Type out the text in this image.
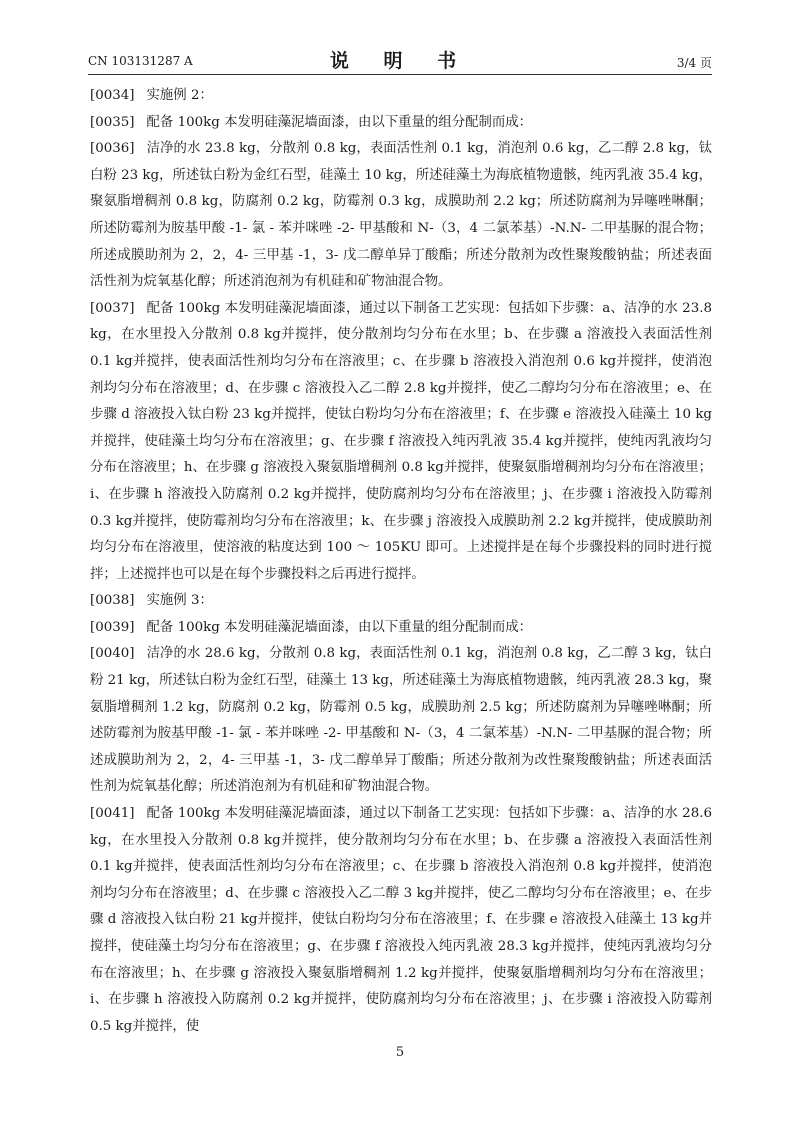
CN 103131287 A	说 明 书	3/4 页

[0034] 实施例 2：

[0035] 配备 100kg 本发明硅藻泥墙面漆，由以下重量的组分配制而成：

[0036] 洁净的水 23.8 kg，分散剂 0.8 kg，表面活性剂 0.1 kg，消泡剂 0.6 kg，乙二醇 2.8 kg，钛白粉 23 kg，所述钛白粉为金红石型，硅藻土 10 kg，所述硅藻土为海底植物遗骸，纯丙乳液 35.4 kg，聚氨脂增稠剂 0.8 kg，防腐剂 0.2 kg，防霉剂 0.3 kg，成膜助剂 2.2 kg；所述防腐剂为异噻唑啉酮；所述防霉剂为胺基甲酸 -1- 氯 - 苯并咪唑 -2- 甲基酸和 N-（3，4 二氯苯基）-N.N- 二甲基脲的混合物；所述成膜助剂为 2，2，4- 三甲基 -1，3- 戊二醇单异丁酸酯；所述分散剂为改性聚羧酸钠盐；所述表面活性剂为烷氧基化醇；所述消泡剂为有机硅和矿物油混合物。

[0037] 配备 100kg 本发明硅藻泥墙面漆，通过以下制备工艺实现：包括如下步骤：a、洁净的水 23.8 kg，在水里投入分散剂 0.8 kg并搅拌，使分散剂均匀分布在水里；b、在步骤 a 溶液投入表面活性剂 0.1 kg并搅拌，使表面活性剂均匀分布在溶液里；c、在步骤 b 溶液投入消泡剂 0.6 kg并搅拌，使消泡剂均匀分布在溶液里；d、在步骤 c 溶液投入乙二醇 2.8 kg并搅拌，使乙二醇均匀分布在溶液里；e、在步骤 d 溶液投入钛白粉 23 kg并搅拌，使钛白粉均匀分布在溶液里；f、在步骤 e 溶液投入硅藻土 10 kg并搅拌，使硅藻土均匀分布在溶液里；g、在步骤 f 溶液投入纯丙乳液 35.4 kg并搅拌，使纯丙乳液均匀分布在溶液里；h、在步骤 g 溶液投入聚氨脂增稠剂 0.8 kg并搅拌，使聚氨脂增稠剂均匀分布在溶液里；i、在步骤 h 溶液投入防腐剂 0.2 kg并搅拌，使防腐剂均匀分布在溶液里；j、在步骤 i 溶液投入防霉剂 0.3 kg并搅拌，使防霉剂均匀分布在溶液里；k、在步骤 j 溶液投入成膜助剂 2.2 kg并搅拌，使成膜助剂均匀分布在溶液里，使溶液的粘度达到 100 ～ 105KU 即可。上述搅拌是在每个步骤投料的同时进行搅拌；上述搅拌也可以是在每个步骤投料之后再进行搅拌。

[0038] 实施例 3：

[0039] 配备 100kg 本发明硅藻泥墙面漆，由以下重量的组分配制而成：

[0040] 洁净的水 28.6 kg，分散剂 0.8 kg，表面活性剂 0.1 kg，消泡剂 0.8 kg，乙二醇 3 kg，钛白粉 21 kg，所述钛白粉为金红石型，硅藻土 13 kg，所述硅藻土为海底植物遗骸，纯丙乳液 28.3 kg，聚氨脂增稠剂 1.2 kg，防腐剂 0.2 kg，防霉剂 0.5 kg，成膜助剂 2.5 kg；所述防腐剂为异噻唑啉酮；所述防霉剂为胺基甲酸 -1- 氯 - 苯并咪唑 -2- 甲基酸和 N-（3，4 二氯苯基）-N.N- 二甲基脲的混合物；所述成膜助剂为 2，2，4- 三甲基 -1，3- 戊二醇单异丁酸酯；所述分散剂为改性聚羧酸钠盐；所述表面活性剂为烷氧基化醇；所述消泡剂为有机硅和矿物油混合物。

[0041] 配备 100kg 本发明硅藻泥墙面漆，通过以下制备工艺实现：包括如下步骤：a、洁净的水 28.6 kg，在水里投入分散剂 0.8 kg并搅拌，使分散剂均匀分布在水里；b、在步骤 a 溶液投入表面活性剂 0.1 kg并搅拌，使表面活性剂均匀分布在溶液里；c、在步骤 b 溶液投入消泡剂 0.8 kg并搅拌，使消泡剂均匀分布在溶液里；d、在步骤 c 溶液投入乙二醇 3 kg并搅拌，使乙二醇均匀分布在溶液里；e、在步骤 d 溶液投入钛白粉 21 kg并搅拌，使钛白粉均匀分布在溶液里；f、在步骤 e 溶液投入硅藻土 13 kg并搅拌，使硅藻土均匀分布在溶液里；g、在步骤 f 溶液投入纯丙乳液 28.3 kg并搅拌，使纯丙乳液均匀分布在溶液里；h、在步骤 g 溶液投入聚氨脂增稠剂 1.2 kg并搅拌，使聚氨脂增稠剂均匀分布在溶液里；i、在步骤 h 溶液投入防腐剂 0.2 kg并搅拌，使防腐剂均匀分布在溶液里；j、在步骤 i 溶液投入防霉剂 0.5 kg并搅拌，使

5
